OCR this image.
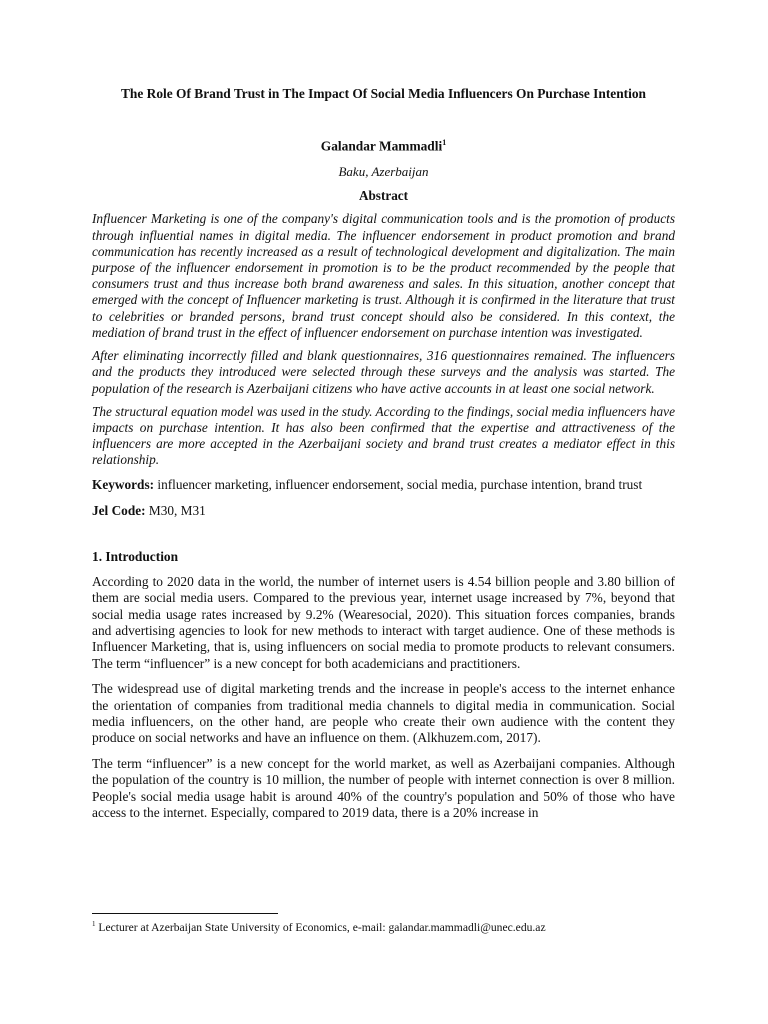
The Role Of Brand Trust in The Impact Of Social Media Influencers On Purchase Intention

Galandar Mammadli$^1$

Baku, Azerbaijan

Abstract

Influencer Marketing is one of the company's digital communication tools and is the promotion of products through influential names in digital media. The influencer endorsement in product promotion and brand communication has recently increased as a result of technological development and digitalization. The main purpose of the influencer endorsement in promotion is to be the product recommended by the people that consumers trust and thus increase both brand awareness and sales. In this situation, another concept that emerged with the concept of Influencer marketing is trust. Although it is confirmed in the literature that trust to celebrities or branded persons, brand trust concept should also be considered. In this context, the mediation of brand trust in the effect of influencer endorsement on purchase intention was investigated.

After eliminating incorrectly filled and blank questionnaires, 316 questionnaires remained. The influencers and the products they introduced were selected through these surveys and the analysis was started. The population of the research is Azerbaijani citizens who have active accounts in at least one social network.

The structural equation model was used in the study. According to the findings, social media influencers have impacts on purchase intention. It has also been confirmed that the expertise and attractiveness of the influencers are more accepted in the Azerbaijani society and brand trust creates a mediator effect in this relationship.

Keywords: influencer marketing, influencer endorsement, social media, purchase intention, brand trust

Jel Code: M30, M31

1. Introduction

According to 2020 data in the world, the number of internet users is 4.54 billion people and 3.80 billion of them are social media users. Compared to the previous year, internet usage increased by 7%, beyond that social media usage rates increased by 9.2% (Wearesocial, 2020). This situation forces companies, brands and advertising agencies to look for new methods to interact with target audience. One of these methods is Influencer Marketing, that is, using influencers on social media to promote products to relevant consumers. The term “influencer” is a new concept for both academicians and practitioners.

The widespread use of digital marketing trends and the increase in people's access to the internet enhance the orientation of companies from traditional media channels to digital media in communication. Social media influencers, on the other hand, are people who create their own audience with the content they produce on social networks and have an influence on them. (Alkhuzem.com, 2017).

The term “influencer” is a new concept for the world market, as well as Azerbaijani companies. Although the population of the country is 10 million, the number of people with internet connection is over 8 million. People's social media usage habit is around 40% of the country's population and 50% of those who have access to the internet. Especially, compared to 2019 data, there is a 20% increase in

$^1$ Lecturer at Azerbaijan State University of Economics, e-mail: galandar.mammadli@unec.edu.az
